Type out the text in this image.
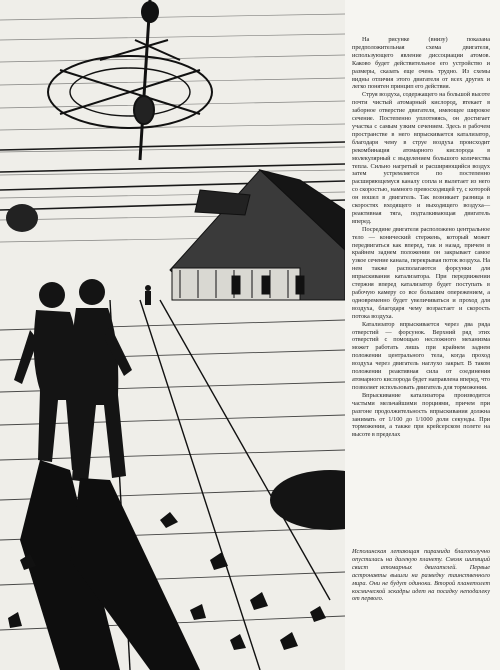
На рисунке (внизу) показана предположительная схема двигателя, использующего явление диссоциации атомов. Каково будет действительное его устройство и размеры, сказать еще очень трудно. Из схемы видны отличия этого двигателя от всех других и легко понятен принцип его действия.

Струя воздуха, содержащего на большой высоте почти чистый атомарный кислород, втекает в заборное отверстие двигателя, имеющее широкое сечение. Постепенно уплотняясь, он достигает участка с самым узким сечением. Здесь в рабочем пространстве в него впрыскивается катализатор, благодаря чему в струе воздуха происходит рекомбинация атомарного кислорода в молекулярный с выделением большого количества тепла. Сильно нагретый и расширяющийся воздух затем устремляется по постепенно расширяющемуся каналу сопла и вылетает из него со скоростью, намного превосходящей ту, с которой он вошел в двигатель. Так возникает разница в скоростях входящего и выходящего воздуха—реактивная тяга, подталкивающая двигатель вперед.

Посредине двигателя расположено центральное тело — конический стержень, который может передвигаться как вперед, так и назад, причем в крайнем заднем положении он закрывает самое узкое сечение канала, перекрывая поток воздуха. На нем также располагаются форсунки для впрыскивания катализатора. При передвижении стержня вперед катализатор будет поступать в рабочую камеру со все большим опережением, а одновременно будет увеличиваться и проход для воздуха, благодаря чему возрастает и скорость потока воздуха.

Катализатор впрыскивается через два ряда отверстий — форсунок. Верхний ряд этих отверстий с помощью несложного механизма может работать лишь при крайнем заднем положении центрального тела, когда проход воздуха через двигатель наглухо закрыт. В таком положении реактивная сила от соединения атомарного кислорода будет направлена вперед, что позволяет использовать двигатель для торможения.

Впрыскивание катализатора производится частыми мельчайшими порциями, причем при разгоне продолжительность впрыскивания должна занимать от 1/100 до 1/1000 доли секунды. При торможении, а также при крейсерском полете на высоте в пределах

Исполинская летающая пирамида благополучно опустилась на далекую планету. Смолк шипящий свист атомарных двигателей. Первые астронавты вышли на разведку таинственного мира. Они не будут одиноки. Второй планетолет космической эскадры идет на посадку неподалеку от первого.
